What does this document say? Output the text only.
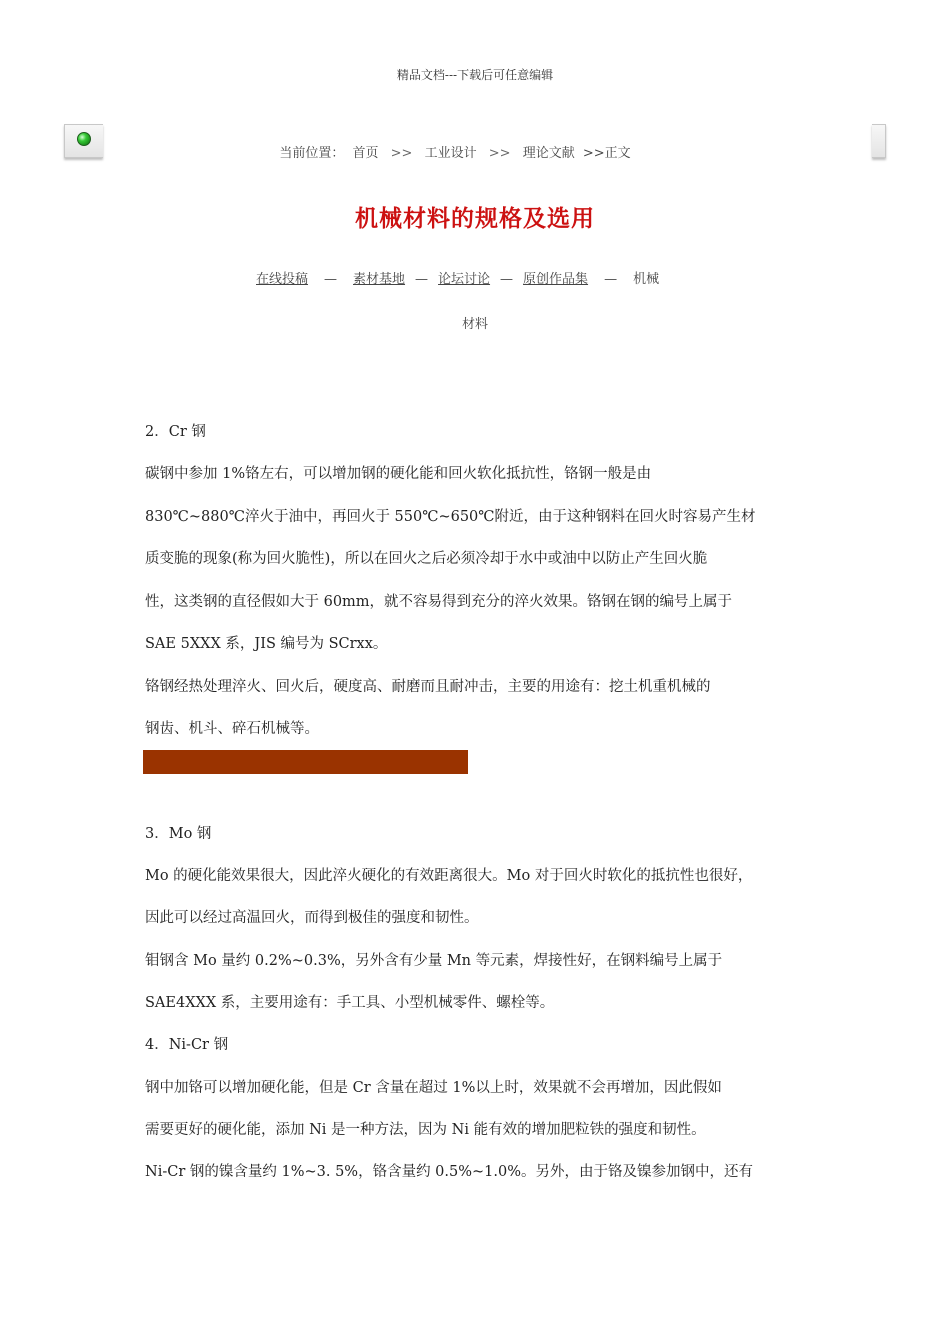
精品文档---下载后可任意编辑
当前位置： 首页 >> 工业设计 >> 理论文献 >>正文
机械材料的规格及选用
在线投稿 — 素材基地 — 论坛讨论 — 原创作品集 — 机械
材料
2．Cr 钢
碳钢中参加 1%铬左右，可以增加钢的硬化能和回火软化抵抗性，铬钢一般是由
830℃~880℃淬火于油中，再回火于 550℃~650℃附近，由于这种钢料在回火时容易产生材
质变脆的现象(称为回火脆性)，所以在回火之后必须冷却于水中或油中以防止产生回火脆
性，这类钢的直径假如大于 60mm，就不容易得到充分的淬火效果。铬钢在钢的编号上属于
SAE 5XXX 系，JIS 编号为 SCrxx。
铬钢经热处理淬火、回火后，硬度高、耐磨而且耐冲击，主要的用途有：挖土机重机械的
钢齿、机斗、碎石机械等。
3．Mo 钢
Mo 的硬化能效果很大，因此淬火硬化的有效距离很大。Mo 对于回火时软化的抵抗性也很好，
因此可以经过高温回火，而得到极佳的强度和韧性。
钼钢含 Mo 量约 0.2%~0.3%，另外含有少量 Mn 等元素，焊接性好，在钢料编号上属于
SAE4XXX 系，主要用途有：手工具、小型机械零件、螺栓等。
4．Ni-Cr 钢
钢中加铬可以增加硬化能，但是 Cr 含量在超过 1%以上时，效果就不会再增加，因此假如
需要更好的硬化能，添加 Ni 是一种方法，因为 Ni 能有效的增加肥粒铁的强度和韧性。
Ni-Cr 钢的镍含量约 1%~3. 5%，铬含量约 0.5%~1.0%。另外，由于铬及镍参加钢中，还有
